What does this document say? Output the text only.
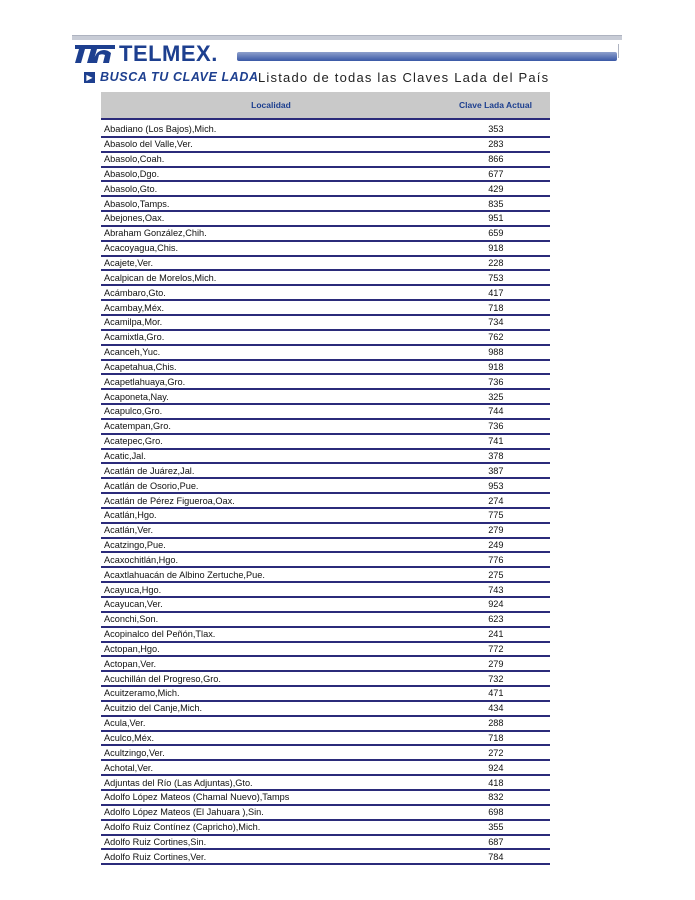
TELMEX .
▶ BUSCA TU CLAVE LADA Listado de todas las Claves Lada del País
Localidad	Clave Lada Actual
Abadiano (Los Bajos),Mich.	353
Abasolo del Valle,Ver.	283
Abasolo,Coah.	866
Abasolo,Dgo.	677
Abasolo,Gto.	429
Abasolo,Tamps.	835
Abejones,Oax.	951
Abraham González,Chih.	659
Acacoyagua,Chis.	918
Acajete,Ver.	228
Acalpican de Morelos,Mich.	753
Acámbaro,Gto.	417
Acambay,Méx.	718
Acamilpa,Mor.	734
Acamixtla,Gro.	762
Acanceh,Yuc.	988
Acapetahua,Chis.	918
Acapetlahuaya,Gro.	736
Acaponeta,Nay.	325
Acapulco,Gro.	744
Acatempan,Gro.	736
Acatepec,Gro.	741
Acatic,Jal.	378
Acatlán de Juárez,Jal.	387
Acatlán de Osorio,Pue.	953
Acatlán de Pérez Figueroa,Oax.	274
Acatlán,Hgo.	775
Acatlán,Ver.	279
Acatzingo,Pue.	249
Acaxochitlán,Hgo.	776
Acaxtlahuacán de Albino Zertuche,Pue.	275
Acayuca,Hgo.	743
Acayucan,Ver.	924
Aconchi,Son.	623
Acopinalco del Peñón,Tlax.	241
Actopan,Hgo.	772
Actopan,Ver.	279
Acuchillán del Progreso,Gro.	732
Acuitzeramo,Mich.	471
Acuitzio del Canje,Mich.	434
Acula,Ver.	288
Aculco,Méx.	718
Acultzingo,Ver.	272
Achotal,Ver.	924
Adjuntas del Río (Las Adjuntas),Gto.	418
Adolfo López Mateos (Chamal Nuevo),Tamps	832
Adolfo López Mateos (El Jahuara ),Sin.	698
Adolfo Ruiz Contínez (Capricho),Mich.	355
Adolfo Ruiz Cortines,Sin.	687
Adolfo Ruiz Cortines,Ver.	784
